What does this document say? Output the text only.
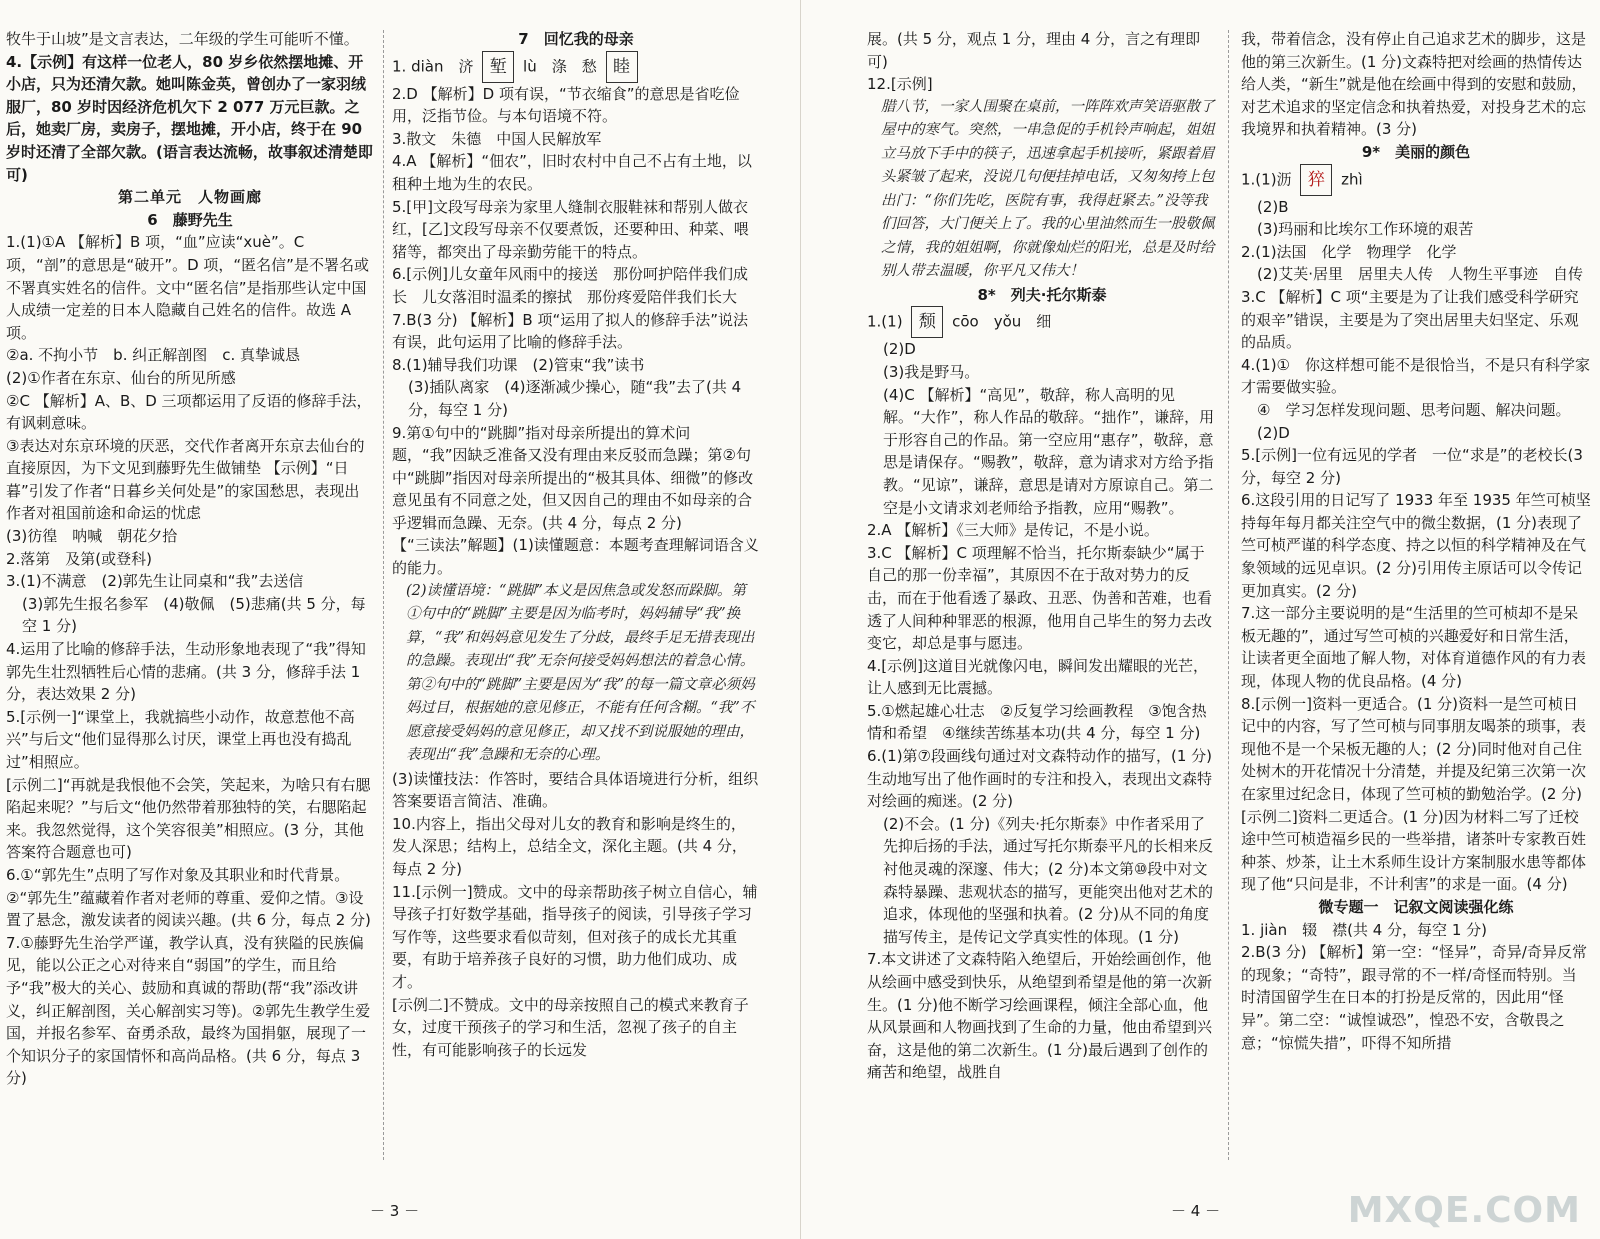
牧牛于山坡”是文言表达，二年级的学生可能听不懂。

4.【示例】有这样一位老人，80 岁乡依然摆地摊、开小店，只为还清欠款。她叫陈金英，曾创办了一家羽绒服厂，80 岁时因经济危机欠下 2 077 万元巨款。之后，她卖厂房，卖房子，摆地摊，开小店，终于在 90 岁时还清了全部欠款。(语言表达流畅，故事叙述清楚即可)

第二单元　人物画廊

6　藤野先生

1.(1)①A 【解析】B 项，“血”应读“xuè”。C 项，“剖”的意思是“破开”。D 项，“匿名信”是不署名或不署真实姓名的信件。文中“匿名信”是指那些认定中国人成绩一定差的日本人隐藏自己姓名的信件。故选 A 项。

②a. 不拘小节　b. 纠正解剖图　c. 真挚诚恳

(2)①作者在东京、仙台的所见所感

②C 【解析】A、B、D 三项都运用了反语的修辞手法，有讽刺意味。

③表达对东京环境的厌恶，交代作者离开东京去仙台的直接原因，为下文见到藤野先生做铺垫 【示例】“日暮”引发了作者“日暮乡关何处是”的家国愁思，表现出作者对祖国前途和命运的忧虑

(3)彷徨　呐喊　朝花夕拾

2.落第　及第(或登科)

3.(1)不满意　(2)郭先生让同桌和“我”去送信

(3)郭先生报名参军　(4)敬佩　(5)悲痛(共 5 分，每空 1 分)

4.运用了比喻的修辞手法，生动形象地表现了“我”得知郭先生壮烈牺牲后心情的悲痛。(共 3 分，修辞手法 1 分，表达效果 2 分)

5.[示例一]“课堂上，我就搞些小动作，故意惹他不高兴”与后文“他们显得那么讨厌，课堂上再也没有捣乱过”相照应。

[示例二]“再就是我恨他不会笑，笑起来，为啥只有右腮陷起来呢？”与后文“他仍然带着那独特的笑，右腮陷起来。我忽然觉得，这个笑容很美”相照应。(3 分，其他答案符合题意也可)

6.①“郭先生”点明了写作对象及其职业和时代背景。②“郭先生”蕴藏着作者对老师的尊重、爱仰之情。③设置了悬念，激发读者的阅读兴趣。(共 6 分，每点 2 分)

7.①藤野先生治学严谨，教学认真，没有狭隘的民族偏见，能以公正之心对待来自“弱国”的学生，而且给予“我”极大的关心、鼓励和真诚的帮助(帮“我”添改讲义，纠正解剖图，关心解剖实习等)。②郭先生教学生爱国，并报名参军、奋勇杀敌，最终为国捐躯，展现了一个知识分子的家国情怀和高尚品格。(共 6 分，每点 3 分)

7　回忆我的母亲

1. diàn　济 堑 lù　涤　愁 睦

2.D 【解析】D 项有误，“节衣缩食”的意思是省吃俭用，泛指节俭。与本句语境不符。

3.散文　朱德　中国人民解放军

4.A 【解析】“佃农”，旧时农村中自己不占有土地，以租种土地为生的农民。

5.[甲]文段写母亲为家里人缝制衣服鞋袜和帮别人做衣红，[乙]文段写母亲不仅要煮饭，还要种田、种菜、喂猪等，都突出了母亲勤劳能干的特点。

6.[示例]儿女童年风雨中的接送　那份呵护陪伴我们成长　儿女落泪时温柔的擦拭　那份疼爱陪伴我们长大

7.B(3 分) 【解析】B 项“运用了拟人的修辞手法”说法有误，此句运用了比喻的修辞手法。

8.(1)辅导我们功课　(2)管束“我”读书

(3)插队离家　(4)逐渐减少操心，随“我”去了(共 4 分，每空 1 分)

9.第①句中的“跳脚”指对母亲所提出的算术问题，“我”因缺乏准备又没有理由来反驳而急躁；第②句中“跳脚”指因对母亲所提出的“极其具体、细微”的修改意见虽有不同意之处，但又因自己的理由不如母亲的合乎逻辑而急躁、无奈。(共 4 分，每点 2 分)

【“三读法”解题】(1)读懂题意：本题考查理解词语含义的能力。

(2)读懂语境：“跳脚”本义是因焦急或发怒而跺脚。第①句中的“跳脚”主要是因为临考时，妈妈辅导“我”换算，“我”和妈妈意见发生了分歧，最终手足无措表现出的急躁。表现出“我”无奈何接受妈妈想法的着急心情。第②句中的“跳脚”主要是因为“我”的每一篇文章必须妈妈过目，根据她的意见修正，不能有任何含糊。“我”不愿意接受妈妈的意见修正，却又找不到说服她的理由，表现出“我”急躁和无奈的心理。

(3)读懂技法：作答时，要结合具体语境进行分析，组织答案要语言简洁、准确。

10.内容上，指出父母对儿女的教育和影响是终生的，发人深思；结构上，总结全文，深化主题。(共 4 分，每点 2 分)

11.[示例一]赞成。文中的母亲帮助孩子树立自信心，辅导孩子打好数学基础，指导孩子的阅读，引导孩子学习写作等，这些要求看似苛刻，但对孩子的成长尤其重要，有助于培养孩子良好的习惯，助力他们成功、成才。

[示例二]不赞成。文中的母亲按照自己的模式来教育子女，过度干预孩子的学习和生活，忽视了孩子的自主性，有可能影响孩子的长远发

－ 3 －

展。(共 5 分，观点 1 分，理由 4 分，言之有理即可)

12.[示例]

腊八节，一家人围聚在桌前，一阵阵欢声笑语驱散了屋中的寒气。突然，一串急促的手机铃声响起，姐姐立马放下手中的筷子，迅速拿起手机接听，紧跟着眉头紧皱了起来，没说几句便挂掉电话，又匆匆挎上包出门：“你们先吃，医院有事，我得赶紧去。”没等我们回答，大门便关上了。我的心里油然而生一股敬佩之情，我的姐姐啊，你就像灿烂的阳光，总是及时给别人带去温暖，你平凡又伟大！

8*　列夫·托尔斯泰

1.(1) 颓 cōo　yǒu　细

(2)D

(3)我是野马。

(4)C 【解析】“高见”，敬辞，称人高明的见解。“大作”，称人作品的敬辞。“拙作”，谦辞，用于形容自己的作品。第一空应用“惠存”，敬辞，意思是请保存。“赐教”，敬辞，意为请求对方给予指教。“见谅”，谦辞，意思是请对方原谅自己。第二空是小文请求刘老师给予指教，应用“赐教”。

2.A 【解析】《三大师》是传记，不是小说。

3.C 【解析】C 项理解不恰当，托尔斯泰缺少“属于自己的那一份幸福”，其原因不在于敌对势力的反击，而在于他看透了暴政、丑恶、伪善和苦难，也看透了人间种种罪恶的根源，他用自己毕生的努力去改变它，却总是事与愿违。

4.[示例]这道目光就像闪电，瞬间发出耀眼的光芒，让人感到无比震撼。

5.①燃起雄心壮志　②反复学习绘画教程　③饱含热情和希望　④继续苦练基本功(共 4 分，每空 1 分)

6.(1)第⑦段画线句通过对文森特动作的描写，(1 分)生动地写出了他作画时的专注和投入，表现出文森特对绘画的痴迷。(2 分)

(2)不会。(1 分)《列夫·托尔斯泰》中作者采用了先抑后扬的手法，通过写托尔斯泰平凡的长相来反衬他灵魂的深邃、伟大；(2 分)本文第⑩段中对文森特暴躁、悲观状态的描写，更能突出他对艺术的追求，体现他的坚强和执着。(2 分)从不同的角度描写传主，是传记文学真实性的体现。(1 分)

7.本文讲述了文森特陷入绝望后，开始绘画创作，他从绘画中感受到快乐，从绝望到希望是他的第一次新生。(1 分)他不断学习绘画课程，倾注全部心血，他从风景画和人物画找到了生命的力量，他由希望到兴奋，这是他的第二次新生。(1 分)最后遇到了创作的痛苦和绝望，战胜自

我，带着信念，没有停止自己追求艺术的脚步，这是他的第三次新生。(1 分)文森特把对绘画的热情传达给人类，“新生”就是他在绘画中得到的安慰和鼓励，对艺术追求的坚定信念和执着热爱，对投身艺术的忘我境界和执着精神。(3 分)

9*　美丽的颜色

1.(1)沥 猝 zhì

(2)B

(3)玛丽和比埃尔工作环境的艰苦

2.(1)法国　化学　物理学　化学

(2)艾芙·居里　居里夫人传　人物生平事迹　自传

3.C 【解析】C 项“主要是为了让我们感受科学研究的艰辛”错误，主要是为了突出居里夫妇坚定、乐观的品质。

4.(1)①　你这样想可能不是很恰当，不是只有科学家才需要做实验。

④　学习怎样发现问题、思考问题、解决问题。

(2)D

5.[示例]一位有远见的学者　一位“求是”的老校长(3 分，每空 2 分)

6.这段引用的日记写了 1933 年至 1935 年竺可桢坚持每年每月都关注空气中的微尘数据，(1 分)表现了竺可桢严谨的科学态度、持之以恒的科学精神及在气象领域的远见卓识。(2 分)引用传主原话可以令传记更加真实。(2 分)

7.这一部分主要说明的是“生活里的竺可桢却不是呆板无趣的”，通过写竺可桢的兴趣爱好和日常生活，让读者更全面地了解人物，对体育道德作风的有力表现，体现人物的优良品格。(4 分)

8.[示例一]资料一更适合。(1 分)资料一是竺可桢日记中的内容，写了竺可桢与同事朋友喝茶的琐事，表现他不是一个呆板无趣的人；(2 分)同时他对自己住处树木的开花情况十分清楚，并提及纪第三次第一次在家里过纪念日，体现了竺可桢的勤勉治学。(2 分)

[示例二]资料二更适合。(1 分)因为材料二写了迁校途中竺可桢造福乡民的一些举措，诸茶叶专家教百姓种茶、炒茶，让土木系师生设计方案制服水患等都体现了他“只问是非，不计利害”的求是一面。(4 分)

微专题一　记叙文阅读强化练

1. jiàn　辍　襟(共 4 分，每空 1 分)

2.B(3 分) 【解析】第一空：“怪异”，奇异/奇异反常的现象；“奇特”，跟寻常的不一样/奇怪而特别。当时清国留学生在日本的打扮是反常的，因此用“怪异”。第二空：“诚惶诚恐”，惶恐不安，含敬畏之意；“惊慌失措”，吓得不知所措

－ 4 －	MXQE.COM
